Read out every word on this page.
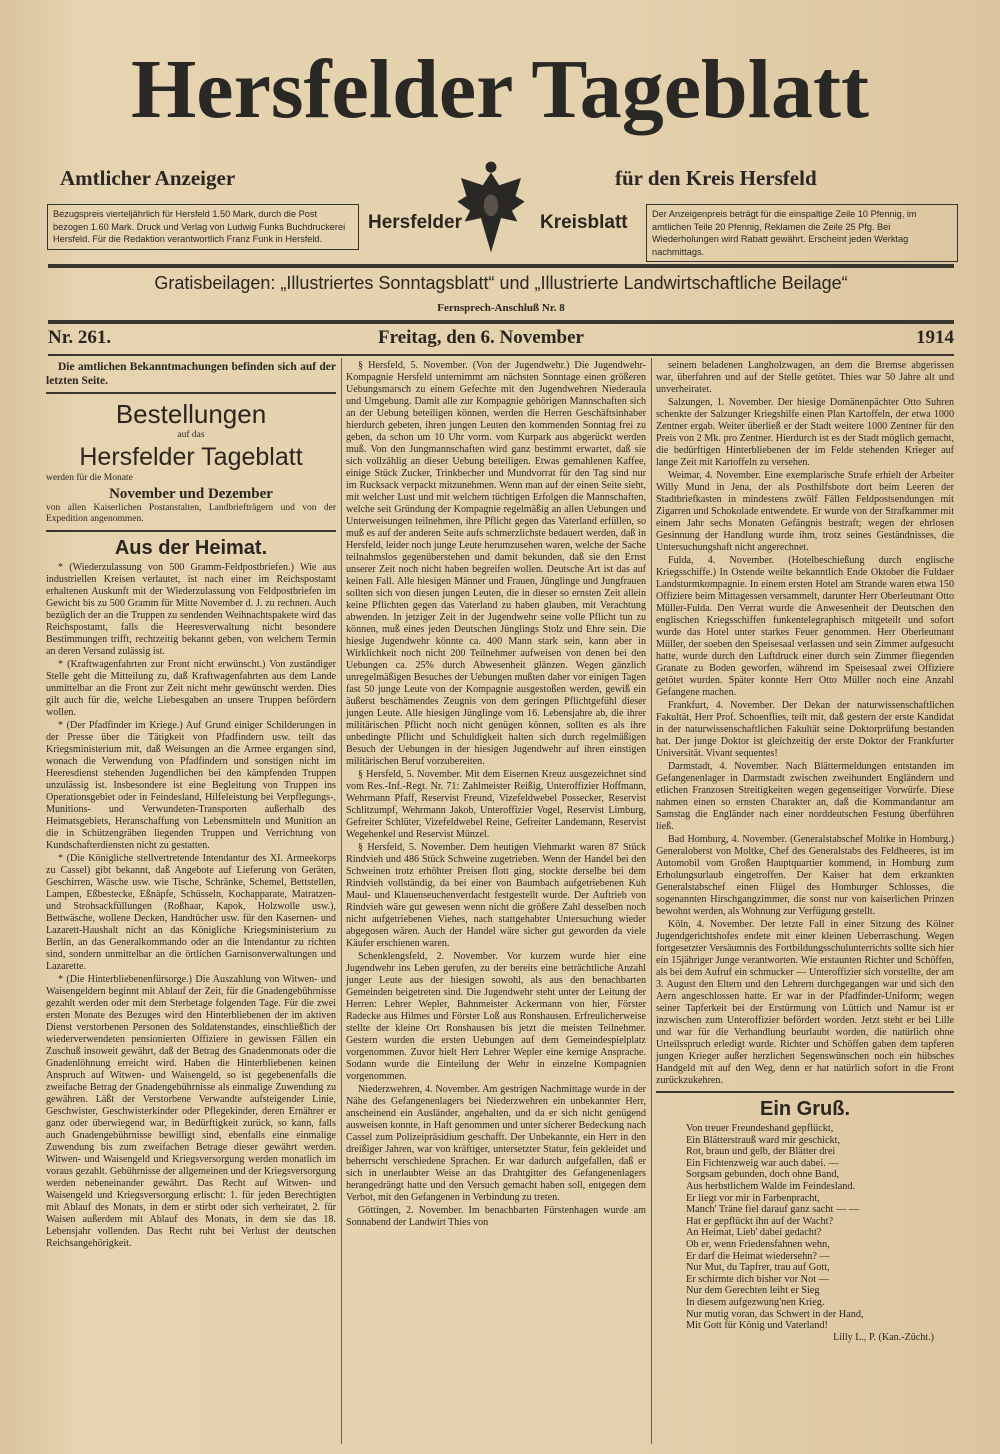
Hersfelder Tageblatt
Amtlicher Anzeiger	für den Kreis Hersfeld
Bezugspreis vierteljährlich für Hersfeld 1.50 Mark, durch die Post bezogen 1.60 Mark. Druck und Verlag von Ludwig Funks Buchdruckerei Hersfeld. Für die Redaktion verantwortlich Franz Funk in Hersfeld.
Der Anzeigenpreis beträgt für die einspaltige Zeile 10 Pfennig, im amtlichen Teile 20 Pfennig, Reklamen die Zeile 25 Pfg. Bei Wiederholungen wird Rabatt gewährt. Erscheint jeden Werktag nachmittags.
Hersfelder	Kreisblatt
Gratisbeilagen: „Illustriertes Sonntagsblatt“ und „Illustrierte Landwirtschaftliche Beilage“
Fernsprech-Anschluß Nr. 8
Nr. 261.	Freitag, den 6. November	1914

Die amtlichen Bekanntmachungen befinden sich auf der letzten Seite.

Bestellungen
auf das
Hersfelder Tageblatt
werden für die Monate
November und Dezember
von allen Kaiserlichen Postanstalten, Landbriefträgern und von der Expedition angenommen.
Aus der Heimat.

* (Wiederzulassung von 500 Gramm-Feldpostbriefen.) Wie aus industriellen Kreisen verlautet, ist nach einer im Reichspostamt erhaltenen Auskunft mit der Wiederzulassung von Feldpostbriefen im Gewicht bis zu 500 Gramm für Mitte November d. J. zu rechnen. Auch bezüglich der an die Truppen zu sendenden Weihnachtspakete wird das Reichspostamt, falls die Heeresverwaltung nicht besondere Bestimmungen trifft, rechtzeitig bekannt geben, von welchem Termin an deren Versand zulässig ist.

* (Kraftwagenfahrten zur Front nicht erwünscht.) Von zuständiger Stelle geht die Mitteilung zu, daß Kraftwagenfahrten aus dem Lande unmittelbar an die Front zur Zeit nicht mehr gewünscht werden. Dies gilt auch für die, welche Liebesgaben an unsere Truppen befördern wollen.

* (Der Pfadfinder im Kriege.) Auf Grund einiger Schilderungen in der Presse über die Tätigkeit von Pfadfindern usw. teilt das Kriegsministerium mit, daß Weisungen an die Armee ergangen sind, wonach die Verwendung von Pfadfindern und sonstigen nicht im Heeresdienst stehenden Jugendlichen bei den kämpfenden Truppen unzulässig ist. Insbesondere ist eine Begleitung von Truppen ins Operationsgebiet oder in Feindesland, Hilfeleistung bei Verpflegungs-, Munitions- und Verwundeten-Transporten außerhalb des Heimatsgebiets, Heranschaffung von Lebensmitteln und Munition an die in Schützengräben liegenden Truppen und Verrichtung von Kundschafterdiensten nicht zu gestatten.

* (Die Königliche stellvertretende Intendantur des XI. Armeekorps zu Cassel) gibt bekannt, daß Angebote auf Lieferung von Geräten, Geschirren, Wäsche usw. wie Tische, Schränke, Schemel, Bettstellen, Lampen, Eßbestecke, Eßnäpfe, Schüsseln, Kochapparate, Matratzen- und Strohsackfüllungen (Roßhaar, Kapok, Holzwolle usw.), Bettwäsche, wollene Decken, Handtücher usw. für den Kasernen- und Lazarett-Haushalt nicht an das Königliche Kriegsministerium zu Berlin, an das Generalkommando oder an die Intendantur zu richten sind, sondern unmittelbar an die örtlichen Garnisonverwaltungen und Lazarette.

* (Die Hinterbliebenenfürsorge.) Die Auszahlung von Witwen- und Waisengeldern beginnt mit Ablauf der Zeit, für die Gnadengebührnisse gezahlt werden oder mit dem Sterbetage folgenden Tage. Für die zwei ersten Monate des Bezuges wird den Hinterbliebenen der im aktiven Dienst verstorbenen Personen des Soldatenstandes, einschließlich der wiederverwendeten pensionierten Offiziere in gewissen Fällen ein Zuschuß insoweit gewährt, daß der Betrag des Gnadenmonats oder die Gnadenlöhnung erreicht wird. Haben die Hinterbliebenen keinen Anspruch auf Witwen- und Waisengeld, so ist gegebenenfalls die zweifache Betrag der Gnadengebührnisse als einmalige Zuwendung zu gewähren. Läßt der Verstorbene Verwandte aufsteigender Linie, Geschwister, Geschwisterkinder oder Pflegekinder, deren Ernährer er ganz oder überwiegend war, in Bedürftigkeit zurück, so kann, falls auch Gnadengebührnisse bewilligt sind, ebenfalls eine einmalige Zuwendung bis zum zweifachen Betrage dieser gewährt werden. Witwen- und Waisengeld und Kriegsversorgung werden monatlich im voraus gezahlt. Gebührnisse der allgemeinen und der Kriegsversorgung werden nebeneinander gewährt. Das Recht auf Witwen- und Waisengeld und Kriegsversorgung erlischt: 1. für jeden Berechtigten mit Ablauf des Monats, in dem er stirbt oder sich verheiratet, 2. für Waisen außerdem mit Ablauf des Monats, in dem sie das 18. Lebensjahr vollenden. Das Recht ruht bei Verlust der deutschen Reichsangehörigkeit.

§ Hersfeld, 5. November. (Von der Jugendwehr.) Die Jugendwehr-Kompagnie Hersfeld unternimmt am nächsten Sonntage einen größeren Uebungsmarsch zu einem Gefechte mit den Jugendwehren Niederaula und Umgebung. Damit alle zur Kompagnie gehörigen Mannschaften sich an der Uebung beteiligen können, werden die Herren Geschäftsinhaber hierdurch gebeten, ihren jungen Leuten den kommenden Sonntag frei zu geben, da schon um 10 Uhr vorm. vom Kurpark aus abgerückt werden muß. Von den Jungmannschaften wird ganz bestimmt erwartet, daß sie sich vollzählig an dieser Uebung beteiligen. Etwas gemahlenen Kaffee, einige Stück Zucker, Trinkbecher und Mundvorrat für den Tag sind nur im Rucksack verpackt mitzunehmen. Wenn man auf der einen Seite sieht, mit welcher Lust und mit welchem tüchtigen Erfolgen die Mannschaften, welche seit Gründung der Kompagnie regelmäßig an allen Uebungen und Unterweisungen teilnehmen, ihre Pflicht gegen das Vaterland erfüllen, so muß es auf der anderen Seite aufs schmerzlichste bedauert werden, daß in Hersfeld, leider noch junge Leute herumzusehen waren, welche der Sache teilnahmslos gegenüberstehen und damit bekunden, daß sie den Ernst unserer Zeit noch nicht haben begreifen wollen. Deutsche Art ist das auf keinen Fall. Alle hiesigen Männer und Frauen, Jünglinge und Jungfrauen sollten sich von diesen jungen Leuten, die in dieser so ernsten Zeit allein keine Pflichten gegen das Vaterland zu haben glauben, mit Verachtung abwenden. In jetziger Zeit in der Jugendwehr seine volle Pflicht tun zu können, muß eines jeden Deutschen Jünglings Stolz und Ehre sein. Die hiesige Jugendwehr könnte ca. 400 Mann stark sein, kann aber in Wirklichkeit noch nicht 200 Teilnehmer aufweisen von denen bei den Uebungen ca. 25% durch Abwesenheit glänzen. Wegen gänzlich unregelmäßigen Besuches der Uebungen mußten daher vor einigen Tagen fast 50 junge Leute von der Kompagnie ausgestoßen werden, gewiß ein äußerst beschämendes Zeugnis von dem geringen Pflichtgefühl dieser jungen Leute. Alle hiesigen Jünglinge vom 16. Lebensjahre ab, die ihrer militärischen Pflicht noch nicht genügen können, sollten es als ihre unbedingte Pflicht und Schuldigkeit halten sich durch regelmäßigen Besuch der Uebungen in der hiesigen Jugendwehr auf ihren einstigen militärischen Beruf vorzubereiten.

§ Hersfeld, 5. November. Mit dem Eisernen Kreuz ausgezeichnet sind vom Res.-Inf.-Regt. Nr. 71: Zahlmeister Reißig, Unteroffizier Hoffmann, Wehrmann Pfaff, Reservist Freund, Vizefeldwebel Possecker, Reservist Schlitzumpf, Wehrmann Jakob, Unteroffizier Vogel, Reservist Limburg, Gefreiter Schlüter, Vizefeldwebel Reine, Gefreiter Landemann, Reservist Wegehenkel und Reservist Münzel.

§ Hersfeld, 5. November. Dem heutigen Viehmarkt waren 87 Stück Rindvieh und 486 Stück Schweine zugetrieben. Wenn der Handel bei den Schweinen trotz erhöhter Preisen flott ging, stockte derselbe bei dem Rindvieh vollständig, da bei einer von Baumbach aufgetriebenen Kuh Maul- und Klauenseuchenverdacht festgestellt wurde. Der Auftrieb von Rindvieh wäre gut gewesen wenn nicht die größere Zahl desselben noch nicht aufgetriebenen Viehes, nach stattgehabter Untersuchung wieder abgegosen wären. Auch der Handel wäre sicher gut geworden da viele Käufer erschienen waren.

Schenklengsfeld, 2. November. Vor kurzem wurde hier eine Jugendwehr ins Leben gerufen, zu der bereits eine beträchtliche Anzahl junger Leute aus der hiesigen sowohl, als aus den benachbarten Gemeinden beigetreten sind. Die Jugendwehr steht unter der Leitung der Herren: Lehrer Wepler, Bahnmeister Ackermann von hier, Förster Radecke aus Hilmes und Förster Loß aus Ronshausen. Erfreulicherweise stellte der kleine Ort Ronshausen bis jetzt die meisten Teilnehmer. Gestern wurden die ersten Uebungen auf dem Gemeindespielplatz vorgenommen. Zuvor hielt Herr Lehrer Wepler eine kernige Ansprache. Sodann wurde die Einteilung der Wehr in einzelne Kompagnien vorgenommen.

Niederzwehren, 4. November. Am gestrigen Nachmittage wurde in der Nähe des Gefangenenlagers bei Niederzwehren ein unbekannter Herr, anscheinend ein Ausländer, angehalten, und da er sich nicht genügend ausweisen konnte, in Haft genommen und unter sicherer Bedeckung nach Cassel zum Polizeipräsidium geschafft. Der Unbekannte, ein Herr in den dreißiger Jahren, war von kräftiger, untersetzter Statur, fein gekleidet und beherrscht verschiedene Sprachen. Er war dadurch aufgefallen, daß er sich in unerlaubter Weise an das Drahtgitter des Gefangenenlagers herangedrängt hatte und den Versuch gemacht haben soll, entgegen dem Verbot, mit den Gefangenen in Verbindung zu treten.

Göttingen, 2. November. Im benachbarten Fürstenhagen wurde am Sonnabend der Landwirt Thies von

seinem beladenen Langholzwagen, an dem die Bremse abgerissen war, überfahren und auf der Stelle getötet. Thies war 50 Jahre alt und unverheiratet.

Salzungen, 1. November. Der hiesige Domänenpächter Otto Suhren schenkte der Salzunger Kriegshilfe einen Plan Kartoffeln, der etwa 1000 Zentner ergab. Weiter überließ er der Stadt weitere 1000 Zentner für den Preis von 2 Mk. pro Zentner. Hierdurch ist es der Stadt möglich gemacht, die bedürftigen Hinterbliebenen der im Felde stehenden Krieger auf lange Zeit mit Kartoffeln zu versehen.

Weimar, 4. November. Eine exemplarische Strafe erhielt der Arbeiter Willy Mund in Jena, der als Posthilfsbote dort beim Leeren der Stadtbriefkasten in mindestens zwölf Fällen Feldpostsendungen mit Zigarren und Schokolade entwendete. Er wurde von der Strafkammer mit einem Jahr sechs Monaten Gefängnis bestraft; wegen der ehrlosen Gesinnung der Handlung wurde ihm, trotz seines Geständnisses, die Untersuchungshaft nicht angerechnet.

Fulda, 4. November. (Hotelbeschießung durch englische Kriegsschiffe.) In Ostende weilte bekanntlich Ende Oktober die Fuldaer Landsturmkompagnie. In einem ersten Hotel am Strande waren etwa 150 Offiziere beim Mittagessen versammelt, darunter Herr Oberleutnant Otto Müller-Fulda. Den Verrat wurde die Anwesenheit der Deutschen den englischen Kriegsschiffen funkentelegraphisch mitgeteilt und sofort wurde das Hotel unter starkes Feuer genommen. Herr Oberleutnant Müller, der soeben den Speisesaal verlassen und sein Zimmer aufgesucht hatte, wurde durch den Luftdruck einer durch sein Zimmer fliegenden Granate zu Boden geworfen, während im Speisesaal zwei Offiziere getötet wurden. Später konnte Herr Otto Müller noch eine Anzahl Gefangene machen.

Frankfurt, 4. November. Der Dekan der naturwissenschaftlichen Fakultät, Herr Prof. Schoenflies, teilt mit, daß gestern der erste Kandidat in der naturwissenschaftlichen Fakultät seine Doktorprüfung bestanden hat. Der junge Doktor ist gleichzeitig der erste Doktor der Frankfurter Universität. Vivant sequentes!

Darmstadt, 4. November. Nach Blättermeldungen entstanden im Gefangenenlager in Darmstadt zwischen zweihundert Engländern und etlichen Franzosen Streitigkeiten wegen gegenseitiger Vorwürfe. Diese nahmen einen so ernsten Charakter an, daß die Kommandantur am Samstag die Engländer nach einer norddeutschen Festung überführen ließ.

Bad Homburg, 4. November. (Generalstabschef Moltke in Homburg.) Generaloberst von Moltke, Chef des Generalstabs des Feldheeres, ist im Automobil vom Großen Hauptquartier kommend, in Homburg zum Erholungsurlaub eingetroffen. Der Kaiser hat dem erkrankten Generalstabschef einen Flügel des Homburger Schlosses, die sogenannten Hirschgangzimmer, die sonst nur von kaiserlichen Prinzen bewohnt werden, als Wohnung zur Verfügung gestellt.

Köln, 4. November. Der letzte Fall in einer Sitzung des Kölner Jugendgerichtshofes endete mit einer kleinen Ueberraschung. Wegen fortgesetzter Versäumnis des Fortbildungsschulunterrichts sollte sich hier ein 15jähriger Junge verantworten. Wie erstaunten Richter und Schöffen, als bei dem Aufruf ein schmucker — Unteroffizier sich vorstellte, der am 3. August den Eltern und den Lehrern durchgegangen war und sich den Aern angeschlossen hatte. Er war in der Pfadfinder-Uniform; wegen seiner Tapferkeit bei der Erstürmung von Lüttich und Namur ist er inzwischen zum Unteroffizier befördert worden. Jetzt steht er bei Lille und war für die Verhandlung beurlaubt worden, die natürlich ohne Urteilsspruch erledigt wurde. Richter und Schöffen gaben dem tapferen jungen Krieger außer herzlichen Segenswünschen noch ein hübsches Handgeld mit auf den Weg, denn er hat natürlich sofort in die Front zurückzukehren.

Ein Gruß.
Von treuer Freundeshand gepflückt,
Ein Blätterstrauß ward mir geschickt,
Rot, braun und gelb, der Blätter drei
Ein Fichtenzweig war auch dabei. —
Sorgsam gebunden, doch ohne Band,
Aus herbstlichem Walde im Feindesland.
Er liegt vor mir in Farbenpracht,
Manch' Träne fiel darauf ganz sacht — —
Hat er gepflückt ihn auf der Wacht?
An Heimat, Lieb' dabei gedacht?
Ob er, wenn Friedensfahnen wehn,
Er darf die Heimat wiedersehn? —
Nur Mut, du Tapfrer, trau auf Gott,
Er schirmte dich bisher vor Not —
Nur dem Gerechten leiht er Sieg
In diesem aufgezwung'nen Krieg.
Nur mutig voran, das Schwert in der Hand,
Mit Gott für König und Vaterland!
Lilly L., P. (Kan.-Zücht.)
